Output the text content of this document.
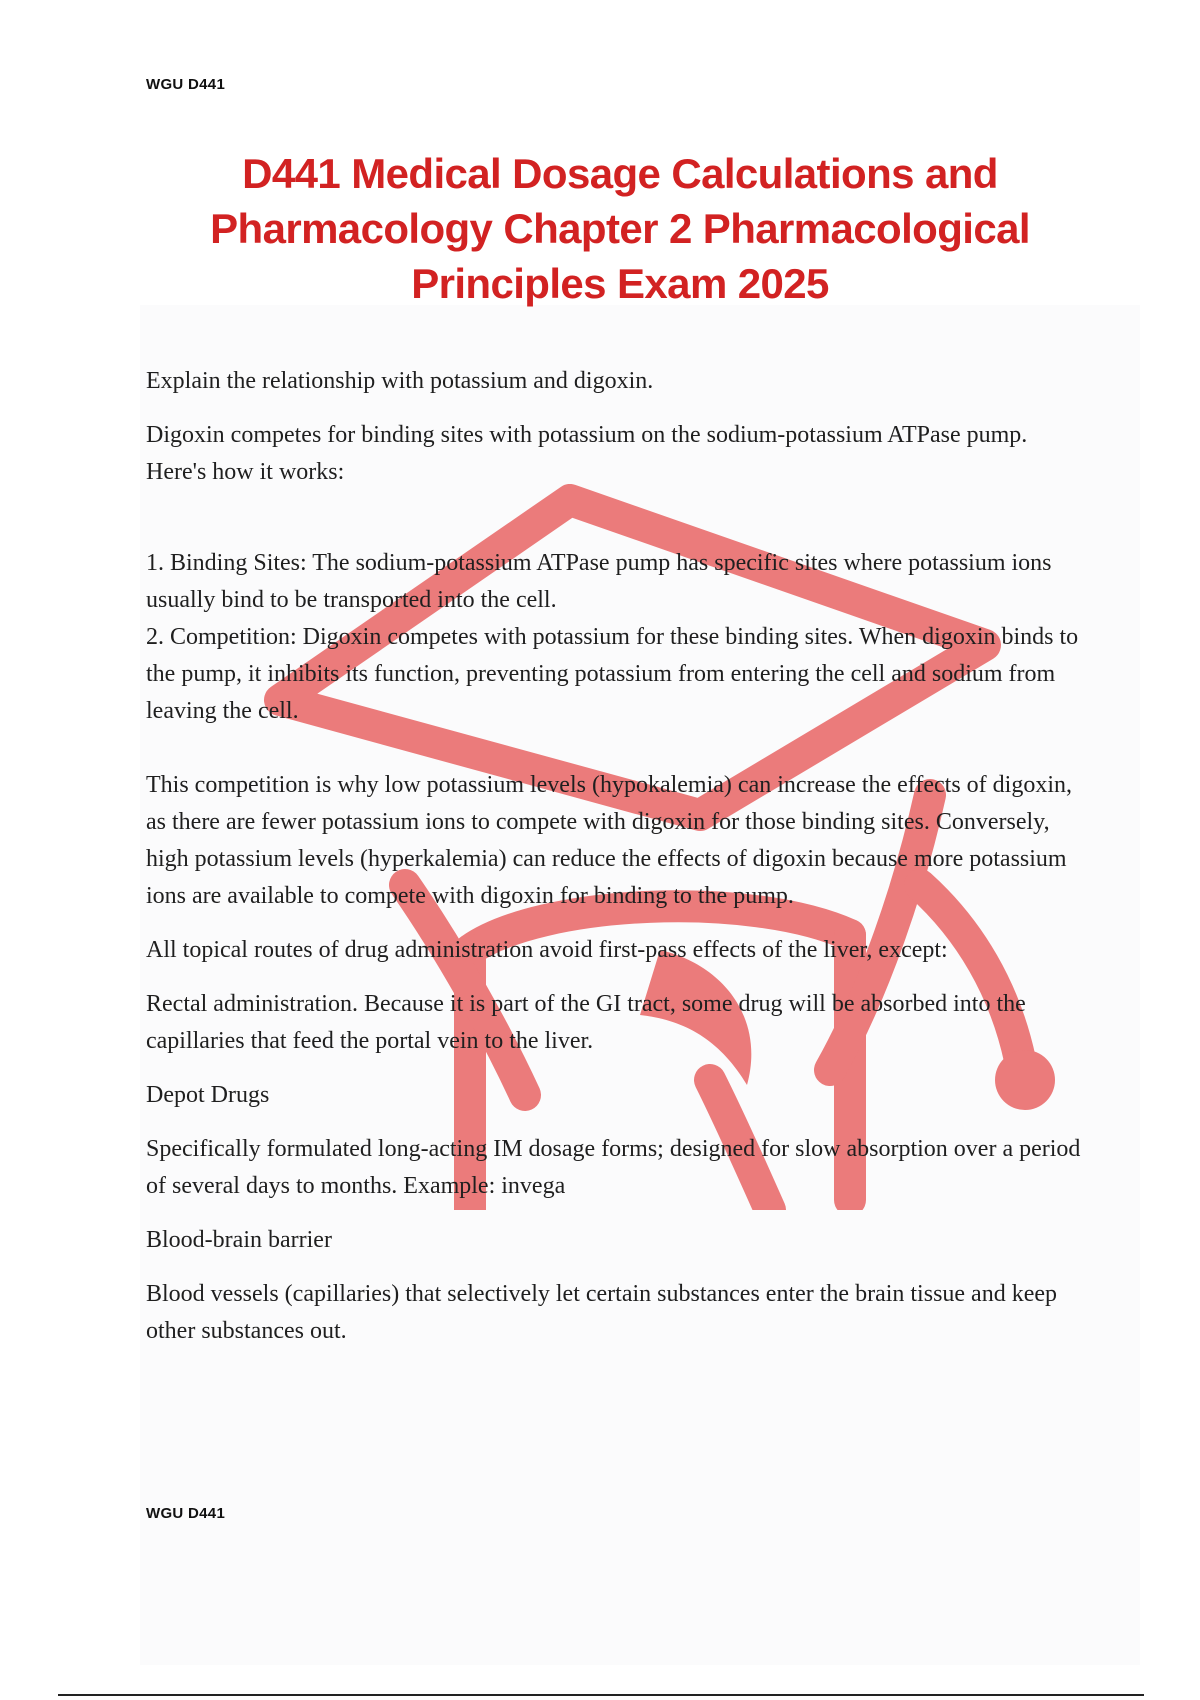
WGU D441

D441 Medical Dosage Calculations and Pharmacology Chapter 2 Pharmacological Principles Exam 2025

Explain the relationship with potassium and digoxin.

Digoxin competes for binding sites with potassium on the sodium-potassium ATPase pump. Here's how it works:

1. Binding Sites: The sodium-potassium ATPase pump has specific sites where potassium ions usually bind to be transported into the cell.

2. Competition: Digoxin competes with potassium for these binding sites. When digoxin binds to the pump, it inhibits its function, preventing potassium from entering the cell and sodium from leaving the cell.

This competition is why low potassium levels (hypokalemia) can increase the effects of digoxin, as there are fewer potassium ions to compete with digoxin for those binding sites. Conversely, high potassium levels (hyperkalemia) can reduce the effects of digoxin because more potassium ions are available to compete with digoxin for binding to the pump.

All topical routes of drug administration avoid first-pass effects of the liver, except:

Rectal administration. Because it is part of the GI tract, some drug will be absorbed into the capillaries that feed the portal vein to the liver.

Depot Drugs

Specifically formulated long-acting IM dosage forms; designed for slow absorption over a period of several days to months. Example: invega

Blood-brain barrier

Blood vessels (capillaries) that selectively let certain substances enter the brain tissue and keep other substances out.

WGU D441
